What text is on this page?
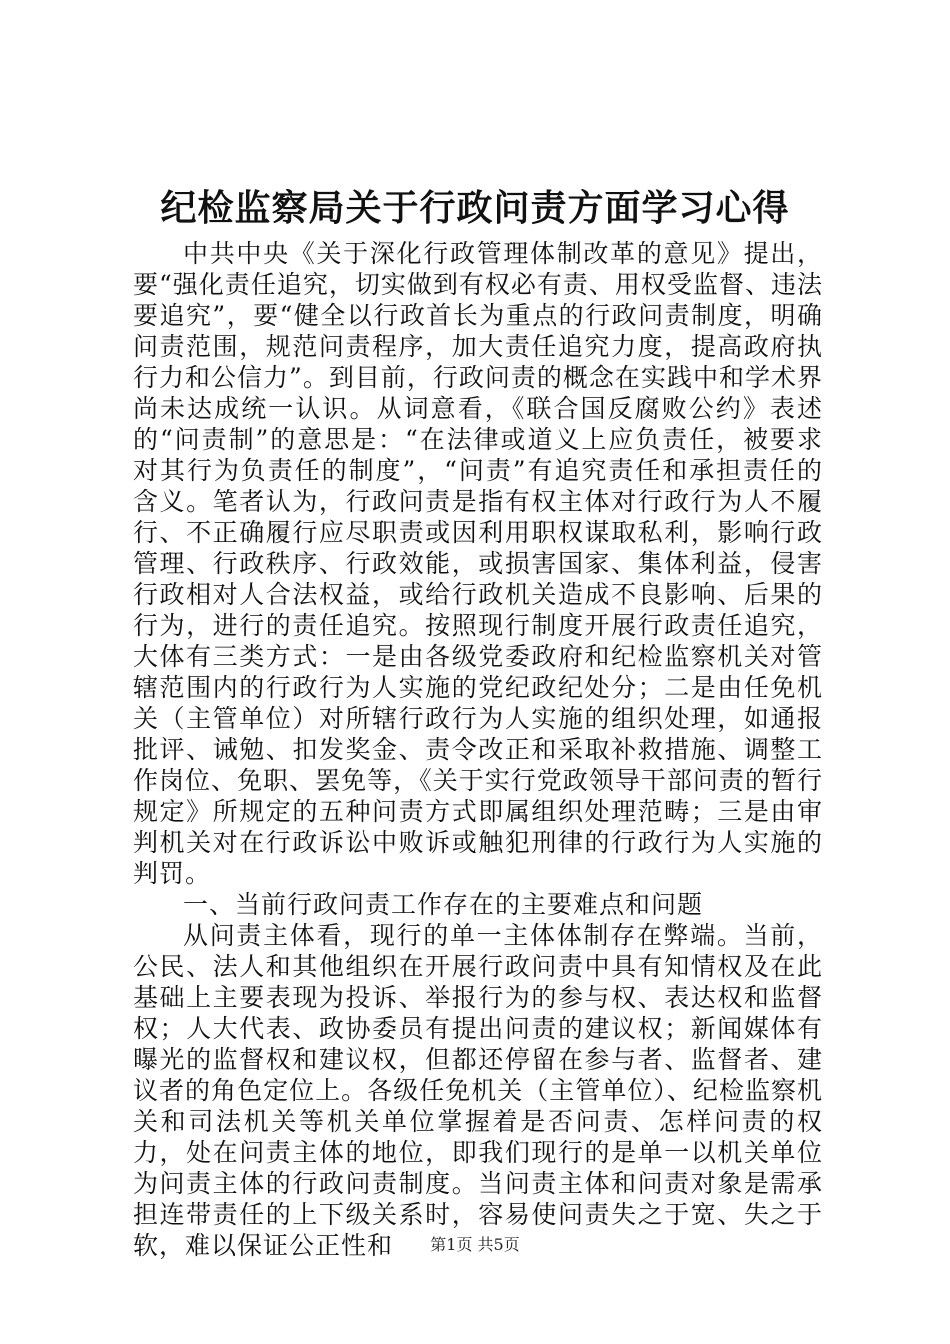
纪检监察局关于行政问责方面学习心得

中共中央《关于深化行政管理体制改革的意见》提出，要“强化责任追究，切实做到有权必有责、用权受监督、违法要追究”，要“健全以行政首长为重点的行政问责制度，明确问责范围，规范问责程序，加大责任追究力度，提高政府执行力和公信力”。到目前，行政问责的概念在实践中和学术界尚未达成统一认识。从词意看，《联合国反腐败公约》表述的“问责制”的意思是：“在法律或道义上应负责任，被要求对其行为负责任的制度”，“问责”有追究责任和承担责任的含义。笔者认为，行政问责是指有权主体对行政行为人不履行、不正确履行应尽职责或因利用职权谋取私利，影响行政管理、行政秩序、行政效能，或损害国家、集体利益，侵害行政相对人合法权益，或给行政机关造成不良影响、后果的行为，进行的责任追究。按照现行制度开展行政责任追究，大体有三类方式：一是由各级党委政府和纪检监察机关对管辖范围内的行政行为人实施的党纪政纪处分；二是由任免机关（主管单位）对所辖行政行为人实施的组织处理，如通报批评、诫勉、扣发奖金、责令改正和采取补救措施、调整工作岗位、免职、罢免等，《关于实行党政领导干部问责的暂行规定》所规定的五种问责方式即属组织处理范畴；三是由审判机关对在行政诉讼中败诉或触犯刑律的行政行为人实施的判罚。

一、当前行政问责工作存在的主要难点和问题

从问责主体看，现行的单一主体体制存在弊端。当前，公民、法人和其他组织在开展行政问责中具有知情权及在此基础上主要表现为投诉、举报行为的参与权、表达权和监督权；人大代表、政协委员有提出问责的建议权；新闻媒体有曝光的监督权和建议权，但都还停留在参与者、监督者、建议者的角色定位上。各级任免机关（主管单位）、纪检监察机关和司法机关等机关单位掌握着是否问责、怎样问责的权力，处在问责主体的地位，即我们现行的是单一以机关单位为问责主体的行政问责制度。当问责主体和问责对象是需承担连带责任的上下级关系时，容易使问责失之于宽、失之于软，难以保证公正性和	第1页 共5页
